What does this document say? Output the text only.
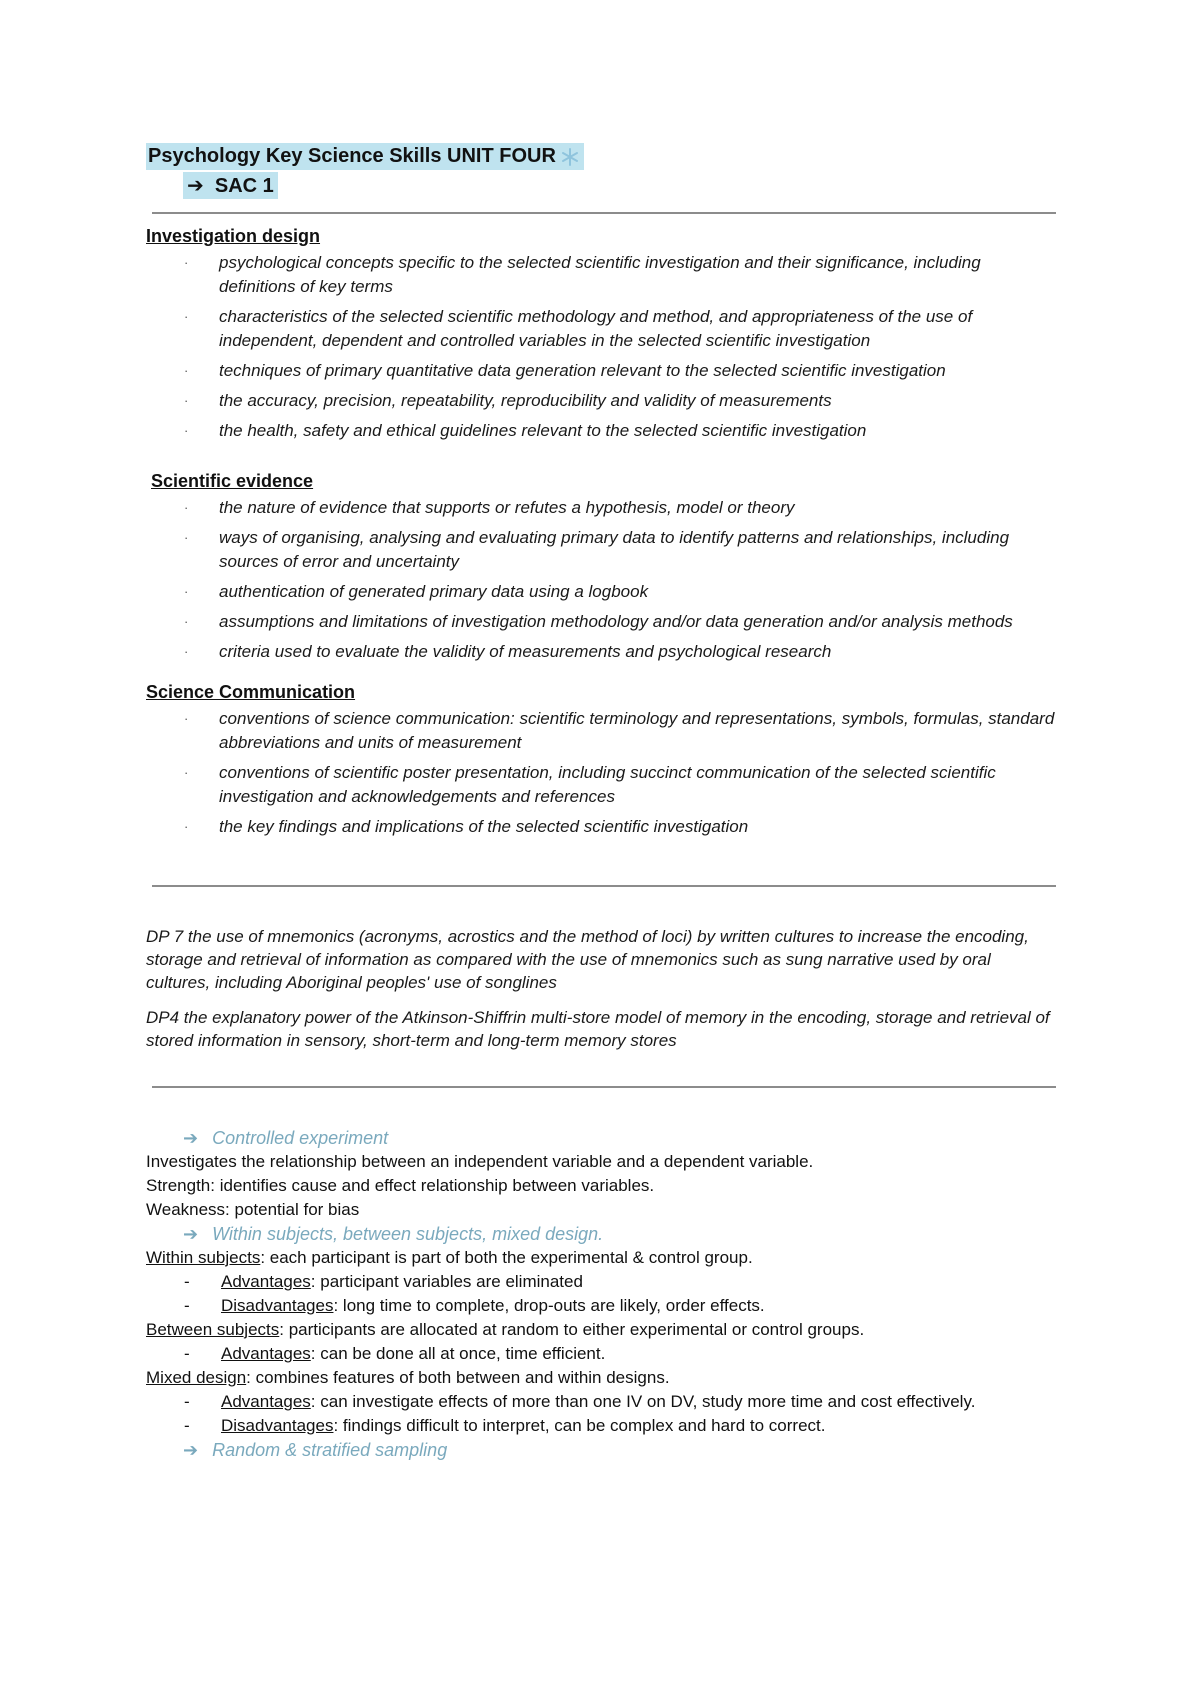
Psychology Key Science Skills UNIT FOUR
➔ SAC 1

Investigation design

· psychological concepts specific to the selected scientific investigation and their significance, including definitions of key terms
· characteristics of the selected scientific methodology and method, and appropriateness of the use of independent, dependent and controlled variables in the selected scientific investigation
· techniques of primary quantitative data generation relevant to the selected scientific investigation
· the accuracy, precision, repeatability, reproducibility and validity of measurements
· the health, safety and ethical guidelines relevant to the selected scientific investigation

Scientific evidence

· the nature of evidence that supports or refutes a hypothesis, model or theory
· ways of organising, analysing and evaluating primary data to identify patterns and relationships, including sources of error and uncertainty
· authentication of generated primary data using a logbook
· assumptions and limitations of investigation methodology and/or data generation and/or analysis methods
· criteria used to evaluate the validity of measurements and psychological research

Science Communication

· conventions of science communication: scientific terminology and representations, symbols, formulas, standard abbreviations and units of measurement
· conventions of scientific poster presentation, including succinct communication of the selected scientific investigation and acknowledgements and references
· the key findings and implications of the selected scientific investigation

DP 7 the use of mnemonics (acronyms, acrostics and the method of loci) by written cultures to increase the encoding, storage and retrieval of information as compared with the use of mnemonics such as sung narrative used by oral cultures, including Aboriginal peoples' use of songlines

DP4 the explanatory power of the Atkinson-Shiffrin multi-store model of memory in the encoding, storage and retrieval of stored information in sensory, short-term and long-term memory stores

➔ Controlled experiment

Investigates the relationship between an independent variable and a dependent variable.

Strength: identifies cause and effect relationship between variables.

Weakness: potential for bias

➔ Within subjects, between subjects, mixed design.

Within subjects: each participant is part of both the experimental & control group.

- Advantages: participant variables are eliminated
- Disadvantages: long time to complete, drop-outs are likely, order effects.

Between subjects: participants are allocated at random to either experimental or control groups.

- Advantages: can be done all at once, time efficient.

Mixed design: combines features of both between and within designs.

- Advantages: can investigate effects of more than one IV on DV, study more time and cost effectively.
- Disadvantages: findings difficult to interpret, can be complex and hard to correct.
➔ Random & stratified sampling
